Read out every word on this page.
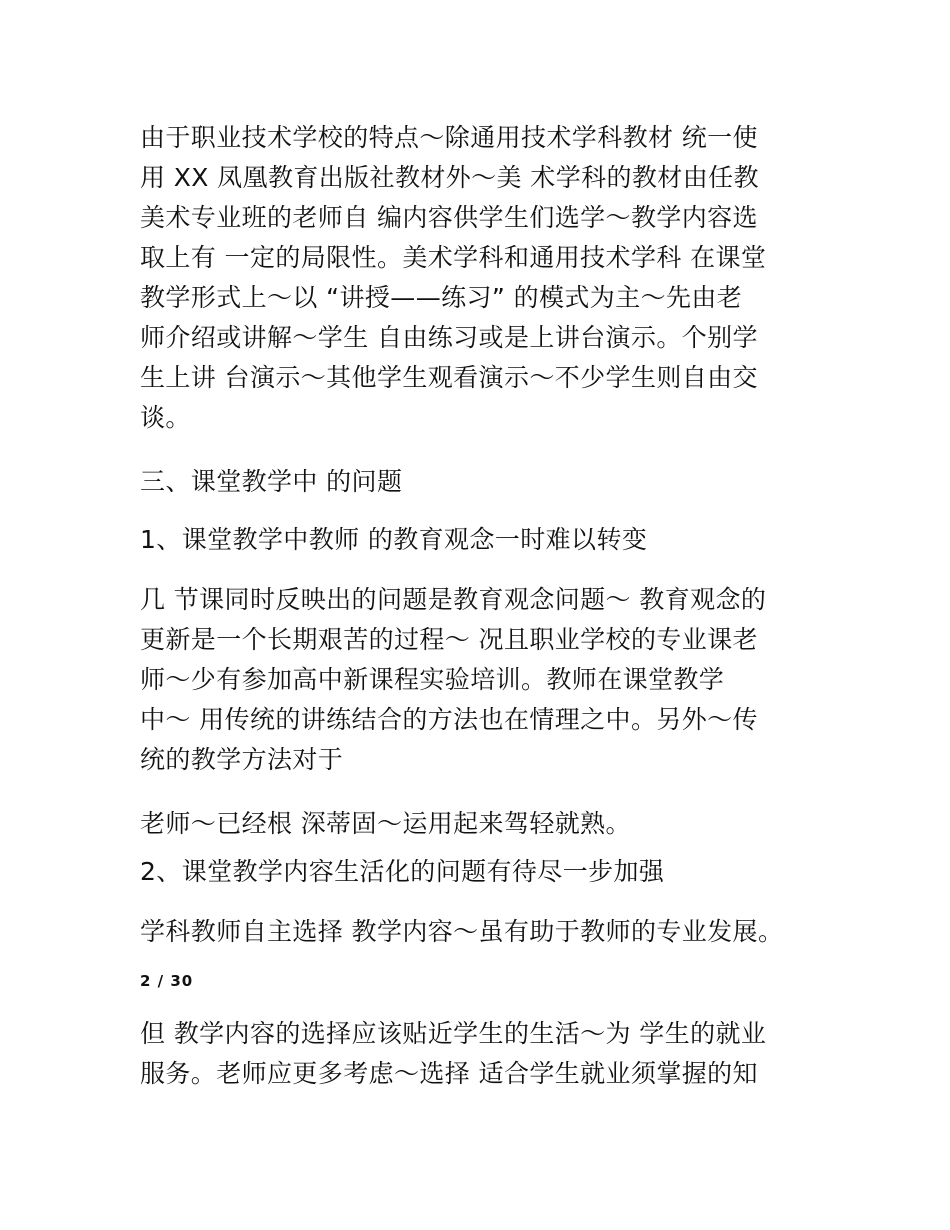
由于职业技术学校的特点～除通用技术学科教材 统一使
用 XX 凤凰教育出版社教材外～美 术学科的教材由任教
美术专业班的老师自 编内容供学生们选学～教学内容选
取上有 一定的局限性。美术学科和通用技术学科 在课堂
教学形式上～以 “讲授——练习” 的模式为主～先由老
师介绍或讲解～学生 自由练习或是上讲台演示。个别学
生上讲 台演示～其他学生观看演示～不少学生则自由交
谈。
三、课堂教学中 的问题
1、课堂教学中教师 的教育观念一时难以转变
几 节课同时反映出的问题是教育观念问题～ 教育观念的
更新是一个长期艰苦的过程～ 况且职业学校的专业课老
师～少有参加高中新课程实验培训。教师在课堂教学
中～ 用传统的讲练结合的方法也在情理之中。另外～传
统的教学方法对于
老师～已经根 深蒂固～运用起来驾轻就熟。
2、课堂教学内容生活化的问题有待尽一步加强
学科教师自主选择 教学内容～虽有助于教师的专业发展。
2 / 30
但 教学内容的选择应该贴近学生的生活～为 学生的就业
服务。老师应更多考虑～选择 适合学生就业须掌握的知
